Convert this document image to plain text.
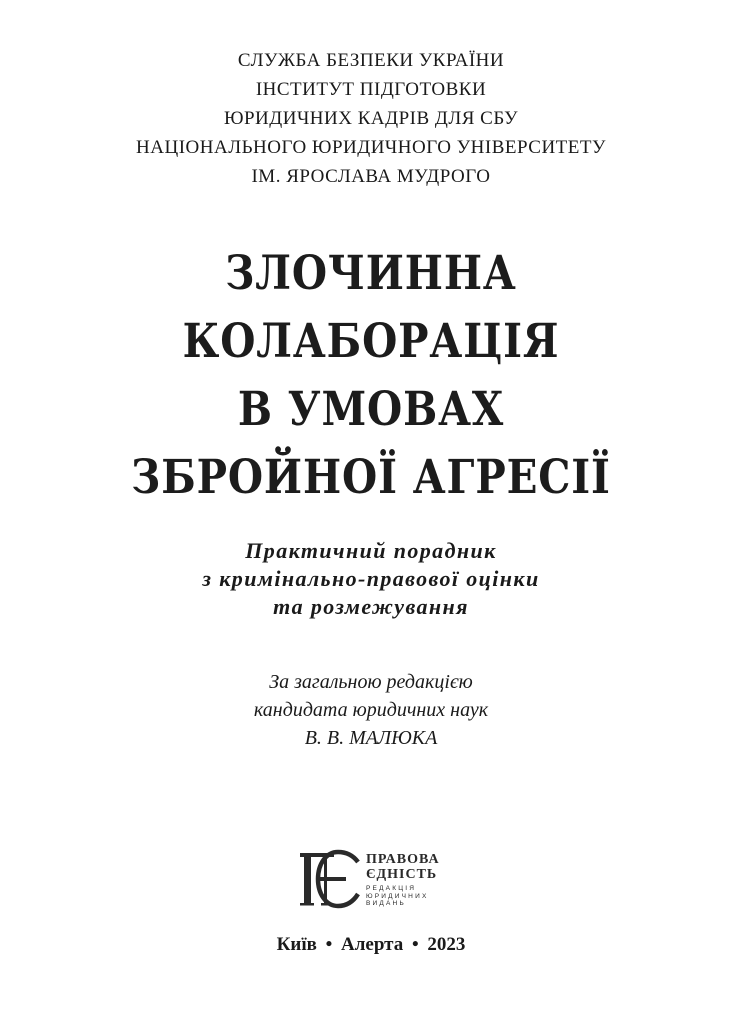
СЛУЖБА БЕЗПЕКИ УКРАЇНИ
ІНСТИТУТ ПІДГОТОВКИ
ЮРИДИЧНИХ КАДРІВ ДЛЯ СБУ
НАЦІОНАЛЬНОГО ЮРИДИЧНОГО УНІВЕРСИТЕТУ
ІМ. ЯРОСЛАВА МУДРОГО
ЗЛОЧИННА
КОЛАБОРАЦІЯ
В УМОВАХ
ЗБРОЙНОЇ АГРЕСІЇ
Практичний порадник
з кримінально-правової оцінки
та розмежування
За загальною редакцією
кандидата юридичних наук
В. В. МАЛЮКА
ПРАВОВА
ЄДНІСТЬ
РЕДАКЦІЯ
ЮРИДИЧНИХ
ВИДАНЬ
Київ • Алерта • 2023
